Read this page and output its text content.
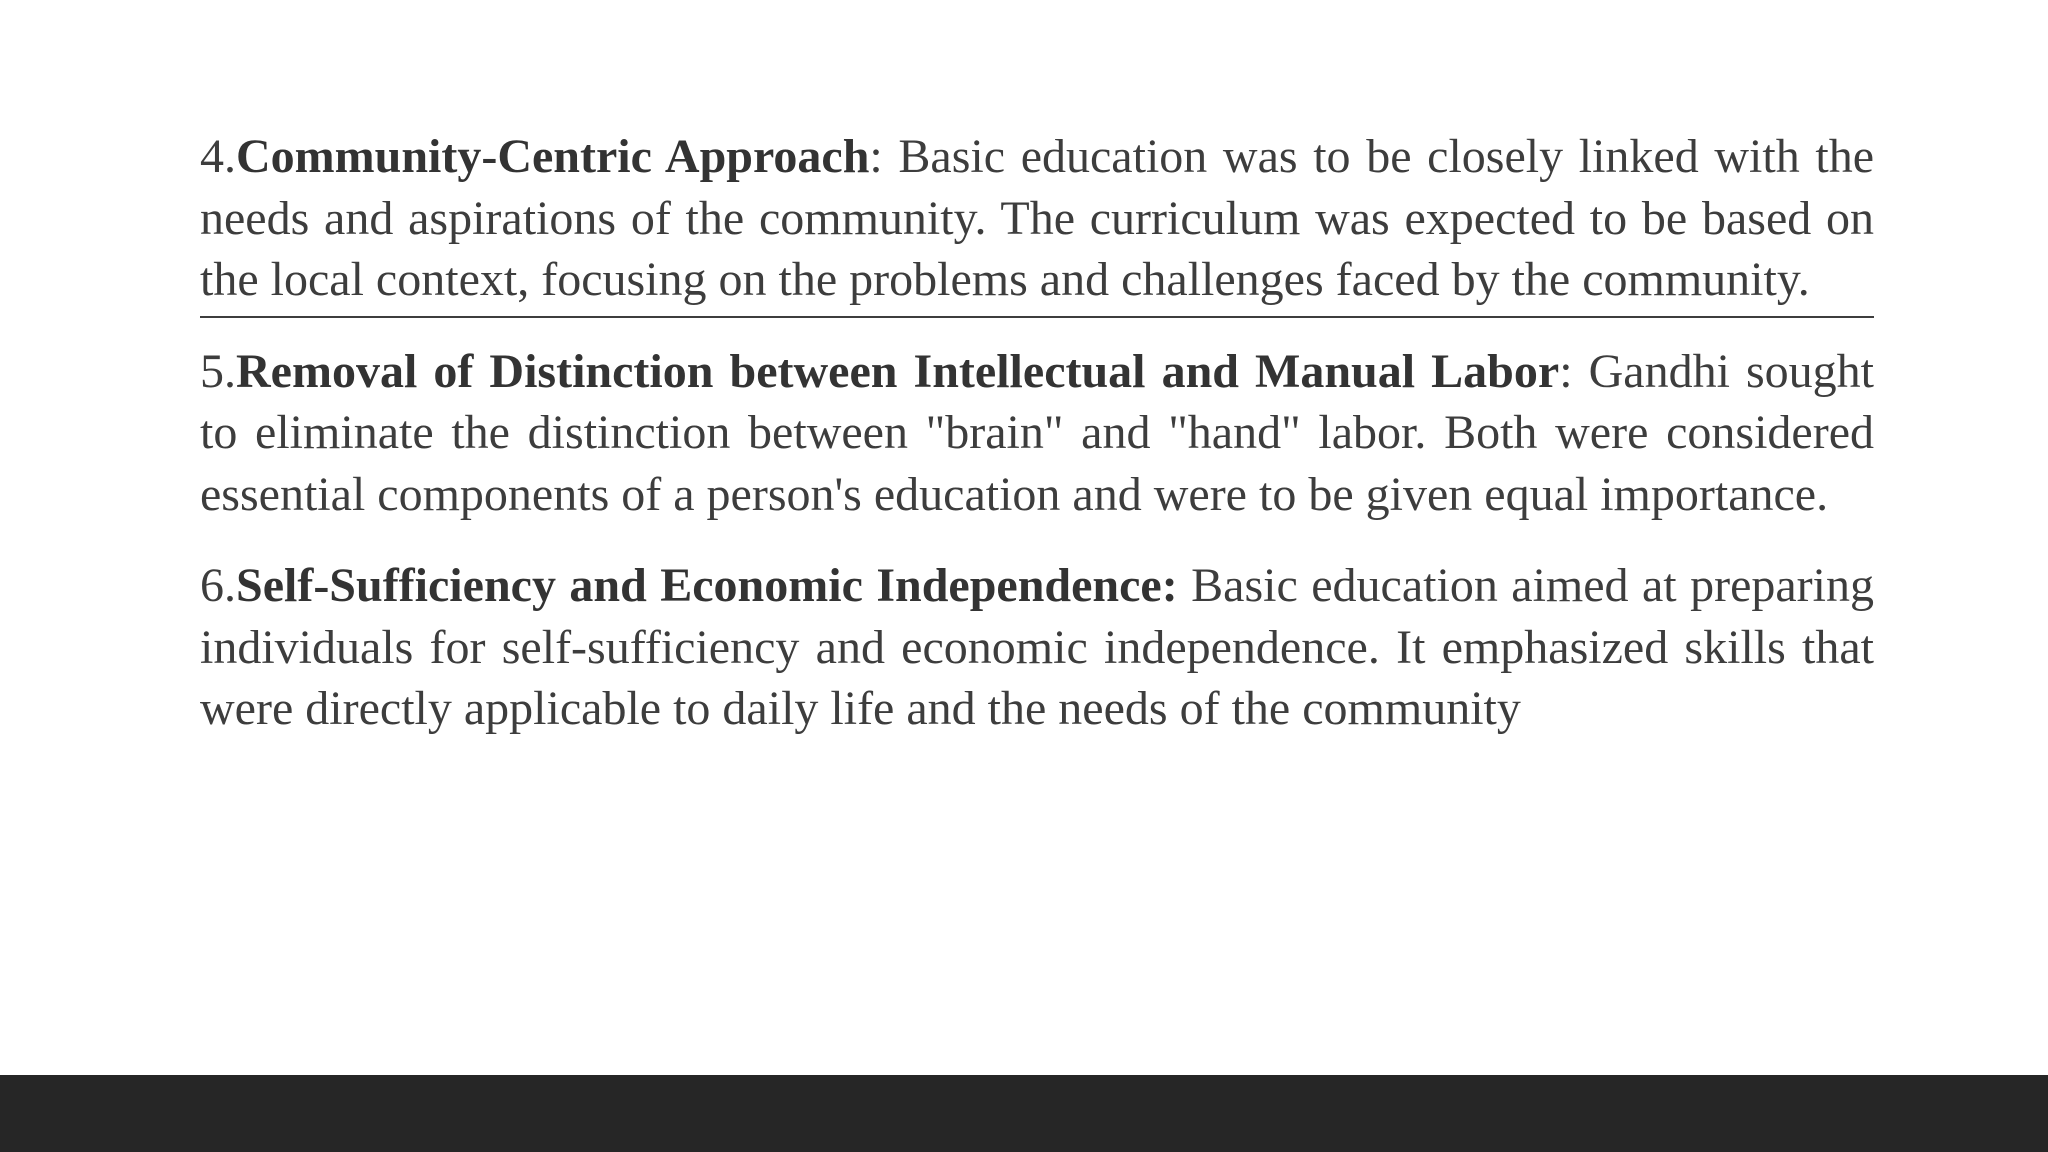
4.Community-Centric Approach: Basic education was to be closely linked with the needs and aspirations of the community. The curriculum was expected to be based on the local context, focusing on the problems and challenges faced by the community.

5.Removal of Distinction between Intellectual and Manual Labor: Gandhi sought to eliminate the distinction between "brain" and "hand" labor. Both were considered essential components of a person's education and were to be given equal importance.

6.Self-Sufficiency and Economic Independence: Basic education aimed at preparing individuals for self-sufficiency and economic independence. It emphasized skills that were directly applicable to daily life and the needs of the community
